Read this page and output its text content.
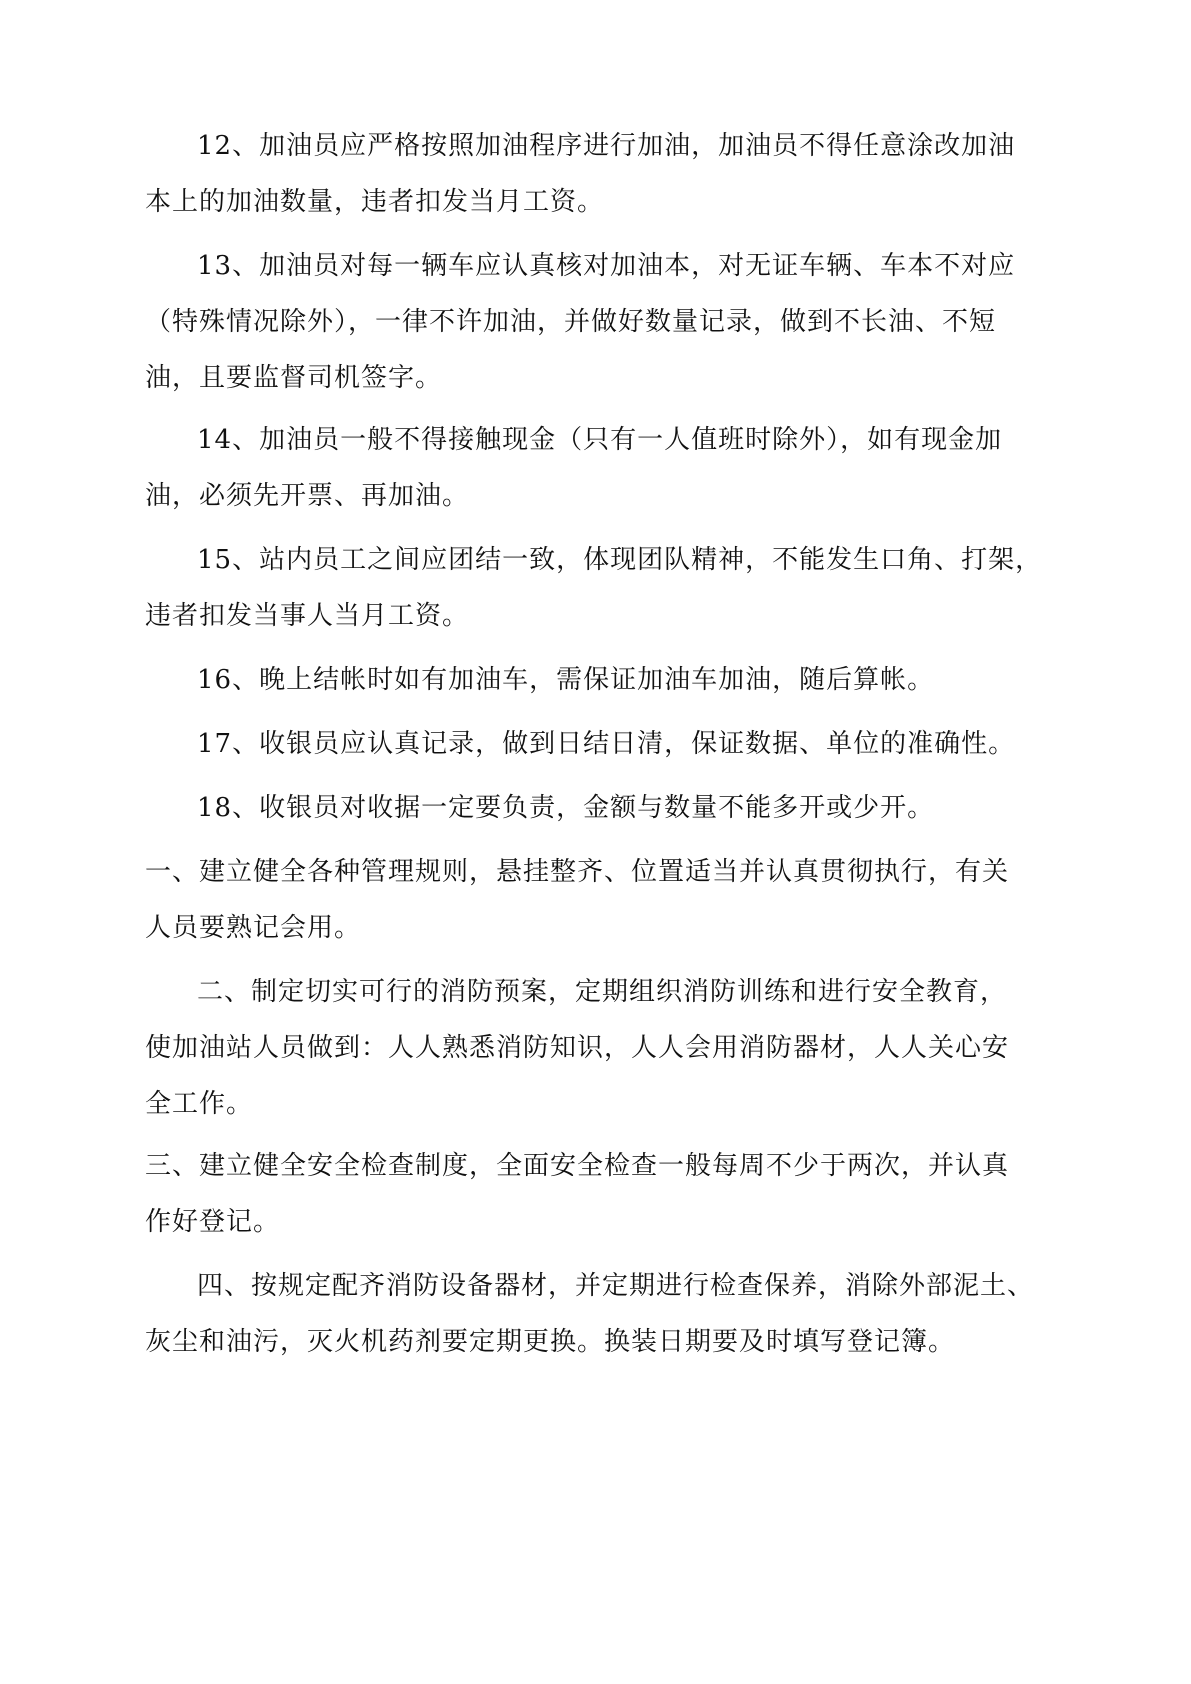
12、加油员应严格按照加油程序进行加油，加油员不得任意涂改加油
本上的加油数量，违者扣发当月工资。

13、加油员对每一辆车应认真核对加油本，对无证车辆、车本不对应
（特殊情况除外），一律不许加油，并做好数量记录，做到不长油、不短
油，且要监督司机签字。

14、加油员一般不得接触现金（只有一人值班时除外），如有现金加
油，必须先开票、再加油。

15、站内员工之间应团结一致，体现团队精神，不能发生口角、打架，
违者扣发当事人当月工资。

16、晚上结帐时如有加油车，需保证加油车加油，随后算帐。

17、收银员应认真记录，做到日结日清，保证数据、单位的准确性。

18、收银员对收据一定要负责，金额与数量不能多开或少开。

一、建立健全各种管理规则，悬挂整齐、位置适当并认真贯彻执行，有关
人员要熟记会用。

二、制定切实可行的消防预案，定期组织消防训练和进行安全教育，
使加油站人员做到：人人熟悉消防知识，人人会用消防器材，人人关心安
全工作。

三、建立健全安全检查制度，全面安全检查一般每周不少于两次，并认真
作好登记。

四、按规定配齐消防设备器材，并定期进行检查保养，消除外部泥土、
灰尘和油污，灭火机药剂要定期更换。换装日期要及时填写登记簿。
